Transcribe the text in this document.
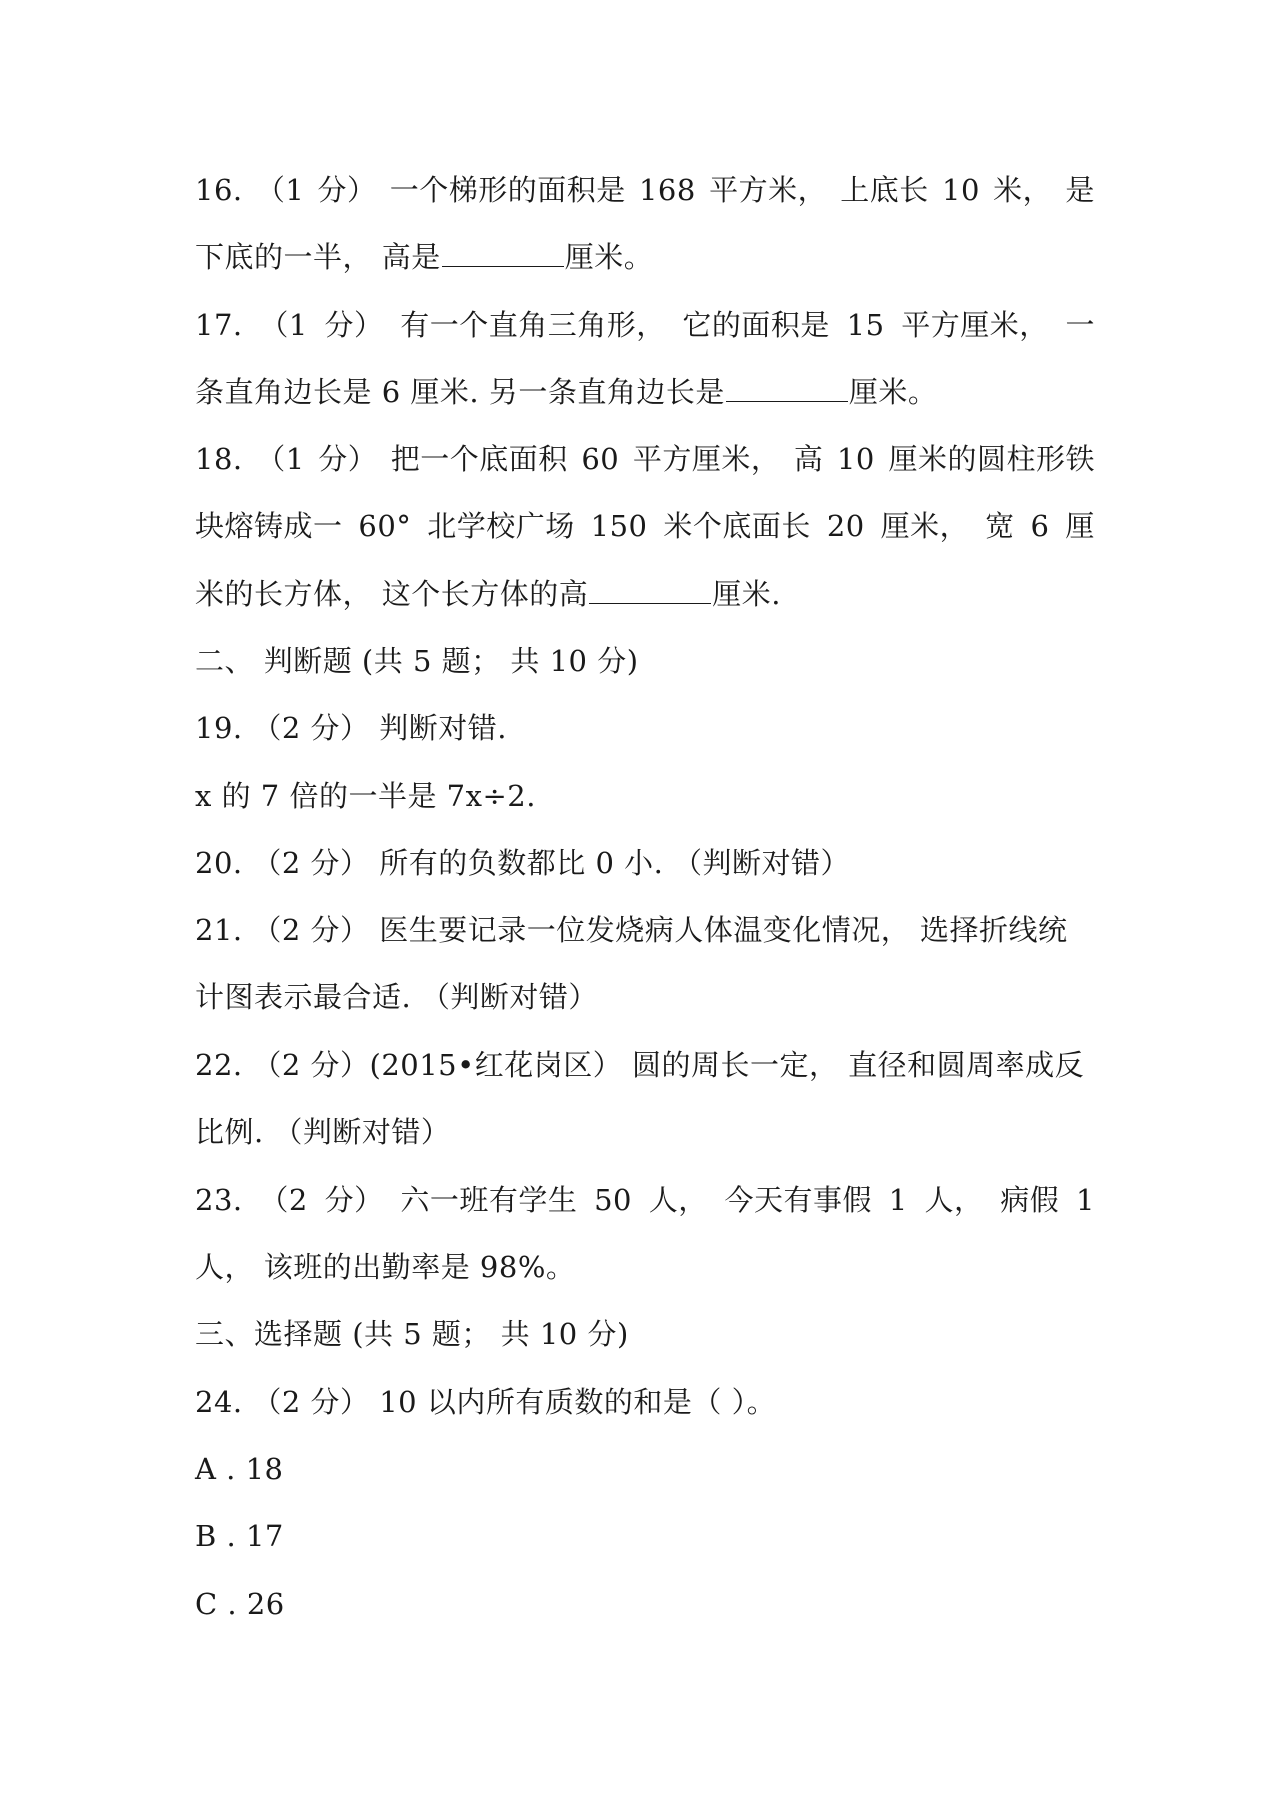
16. （1 分） 一个梯形的面积是 168 平方米， 上底长 10 米， 是
下底的一半， 高是	厘米。
17. （1 分） 有一个直角三角形， 它的面积是 15 平方厘米， 一
条直角边长是 6 厘米. 另一条直角边长是	厘米。
18. （1 分） 把一个底面积 60 平方厘米， 高 10 厘米的圆柱形铁
块熔铸成一 60° 北学校广场 150 米个底面长 20 厘米， 宽 6 厘
米的长方体， 这个长方体的高	厘米.
二、 判断题 (共 5 题； 共 10 分)
19. （2 分） 判断对错.
x 的 7 倍的一半是 7x÷2.
20. （2 分） 所有的负数都比 0 小. （判断对错）
21. （2 分） 医生要记录一位发烧病人体温变化情况， 选择折线统
计图表示最合适. （判断对错）
22. （2 分）(2015•红花岗区） 圆的周长一定， 直径和圆周率成反
比例. （判断对错）
23. （2 分） 六一班有学生 50 人， 今天有事假 1 人， 病假 1
人， 该班的出勤率是 98%。
三、选择题 (共 5 题； 共 10 分)
24. （2 分） 10 以内所有质数的和是（ ）。
A . 18
B . 17
C . 26
